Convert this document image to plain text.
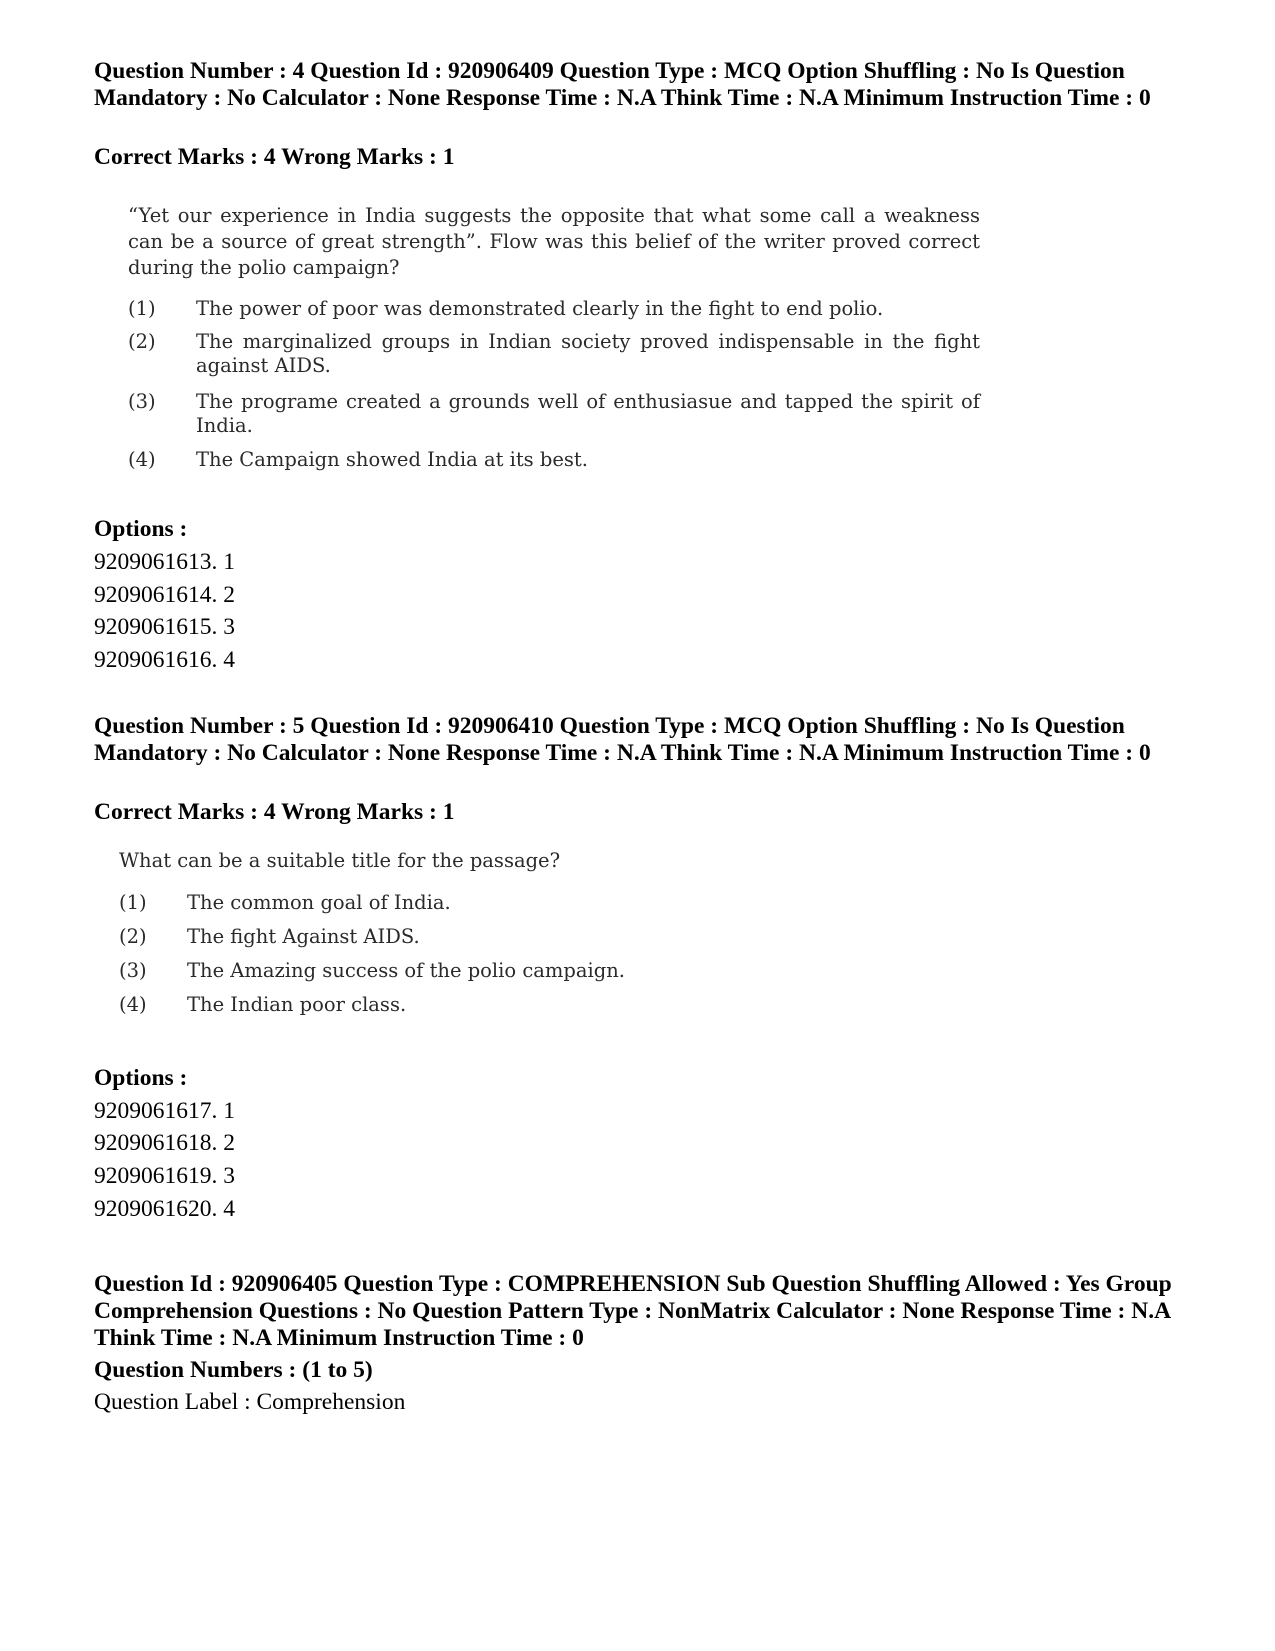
Question Number : 4 Question Id : 920906409 Question Type : MCQ Option Shuffling : No Is Question Mandatory : No Calculator : None Response Time : N.A Think Time : N.A Minimum Instruction Time : 0
Correct Marks : 4 Wrong Marks : 1
“Yet our experience in India suggests the opposite that what some call a weakness can be a source of great strength”. Flow was this belief of the writer proved correct during the polio campaign?
(1)	The power of poor was demonstrated clearly in the fight to end polio.
(2)	The marginalized groups in Indian society proved indispensable in the fight against AIDS.
(3)	The programe created a grounds well of enthusiasue and tapped the spirit of India.
(4)	The Campaign showed India at its best.
Options :
9209061613. 1
9209061614. 2
9209061615. 3
9209061616. 4
Question Number : 5 Question Id : 920906410 Question Type : MCQ Option Shuffling : No Is Question Mandatory : No Calculator : None Response Time : N.A Think Time : N.A Minimum Instruction Time : 0
Correct Marks : 4 Wrong Marks : 1
What can be a suitable title for the passage?
(1)	The common goal of India.
(2)	The fight Against AIDS.
(3)	The Amazing success of the polio campaign.
(4)	The Indian poor class.
Options :
9209061617. 1
9209061618. 2
9209061619. 3
9209061620. 4
Question Id : 920906405 Question Type : COMPREHENSION Sub Question Shuffling Allowed : Yes Group Comprehension Questions : No Question Pattern Type : NonMatrix Calculator : None Response Time : N.A Think Time : N.A Minimum Instruction Time : 0
Question Numbers : (1 to 5)
Question Label : Comprehension
